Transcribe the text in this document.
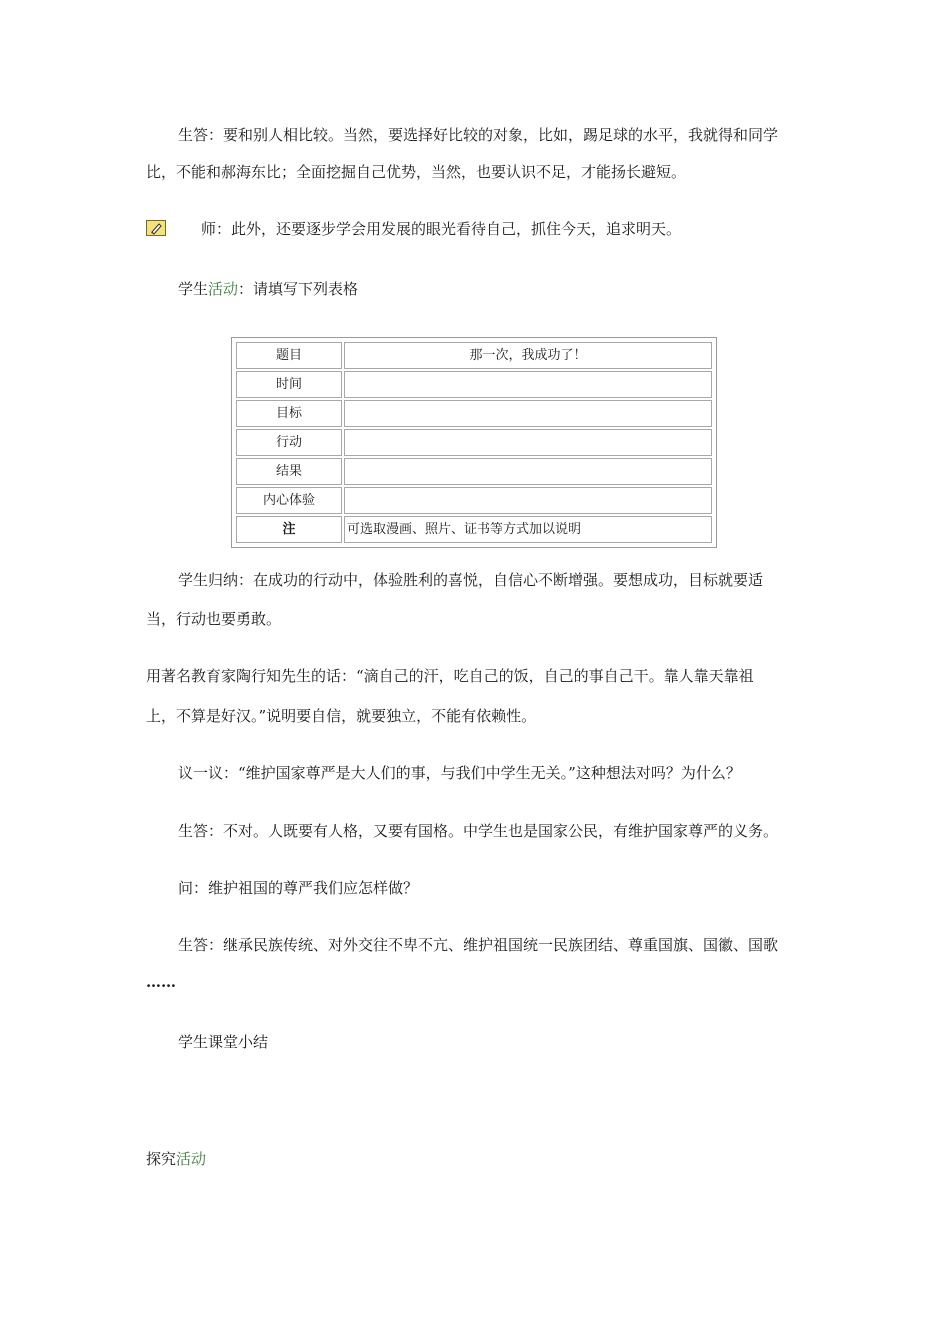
生答：要和别人相比较。当然，要选择好比较的对象，比如，踢足球的水平，我就得和同学
比，不能和郝海东比；全面挖掘自己优势，当然，也要认识不足，才能扬长避短。
师：此外，还要逐步学会用发展的眼光看待自己，抓住今天，追求明天。
学生活动：请填写下列表格
题目	那一次，我成功了！
时间	
目标	
行动	
结果	
内心体验	
注	可选取漫画、照片、证书等方式加以说明
学生归纳：在成功的行动中，体验胜利的喜悦，自信心不断增强。要想成功，目标就要适
当，行动也要勇敢。
用著名教育家陶行知先生的话：“滴自己的汗，吃自己的饭，自己的事自己干。靠人靠天靠祖
上，不算是好汉。”说明要自信，就要独立，不能有依赖性。
议一议：“维护国家尊严是大人们的事，与我们中学生无关。”这种想法对吗？为什么？
生答：不对。人既要有人格，又要有国格。中学生也是国家公民，有维护国家尊严的义务。
问：维护祖国的尊严我们应怎样做？
生答：继承民族传统、对外交往不卑不亢、维护祖国统一民族团结、尊重国旗、国徽、国歌
……
学生课堂小结
探究活动
